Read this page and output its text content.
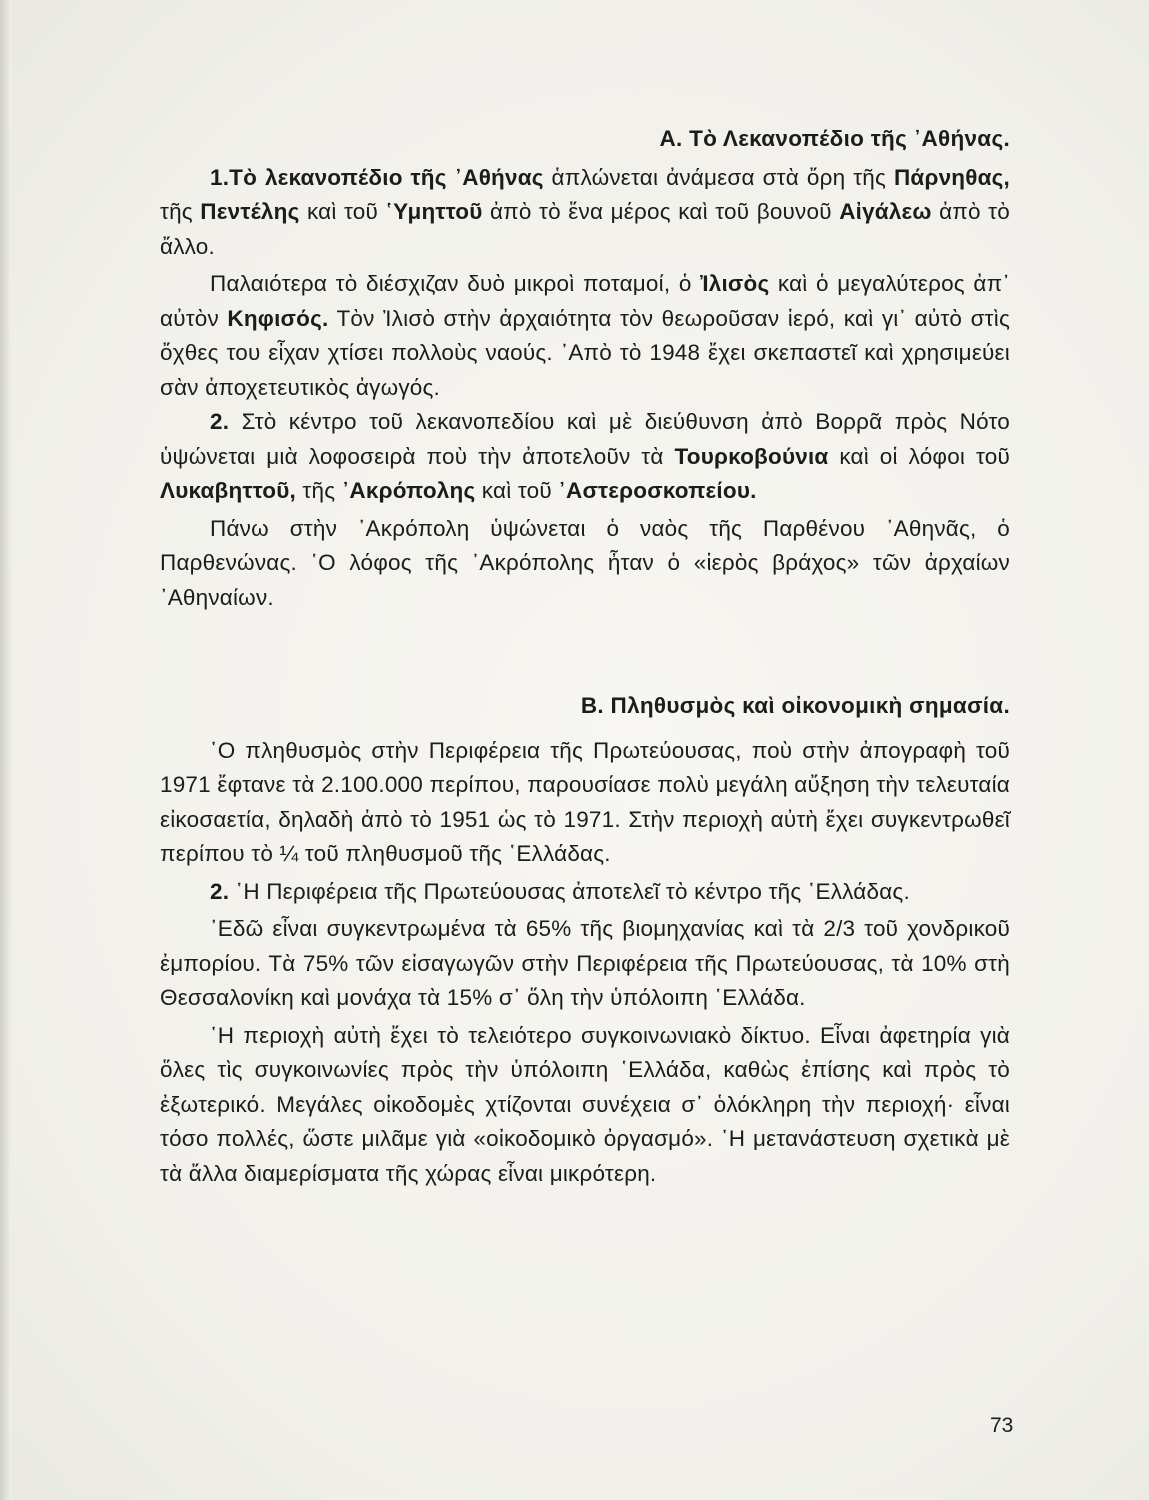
Α. Τὸ Λεκανοπέδιο τῆς ᾿Αθήνας.

1.Τὸ λεκανοπέδιο τῆς ᾿Αθήνας ἁπλώνεται ἀνάμεσα στὰ ὄρη τῆς Πάρνηθας, τῆς Πεντέλης καὶ τοῦ ῾Υμηττοῦ ἀπὸ τὸ ἕνα μέρος καὶ τοῦ βουνοῦ Αἰγάλεω ἀπὸ τὸ ἄλλο.

Παλαιότερα τὸ διέσχιζαν δυὸ μικροὶ ποταμοί, ὁ Ἰλισὸς καὶ ὁ μεγαλύτερος ἀπ᾿ αὐτὸν Κηφισός. Τὸν Ἰλισὸ στὴν ἀρχαιότητα τὸν θεωροῦσαν ἱερό, καὶ γι᾿ αὐτὸ στὶς ὄχθες του εἶχαν χτίσει πολλοὺς ναούς. ᾿Απὸ τὸ 1948 ἔχει σκεπαστεῖ καὶ χρησιμεύει σὰν ἀποχετευτικὸς ἀγωγός.

2. Στὸ κέντρο τοῦ λεκανοπεδίου καὶ μὲ διεύθυνση ἀπὸ Βορρᾶ πρὸς Νότο ὑψώνεται μιὰ λοφοσειρὰ ποὺ τὴν ἀποτελοῦν τὰ Τουρκοβούνια καὶ οἱ λόφοι τοῦ Λυκαβηττοῦ, τῆς ᾿Ακρόπολης καὶ τοῦ ᾿Αστεροσκοπείου.

Πάνω στὴν ᾿Ακρόπολη ὑψώνεται ὁ ναὸς τῆς Παρθένου ᾿Αθηνᾶς, ὁ Παρθενώνας. ῾Ο λόφος τῆς ᾿Ακρόπολης ἦταν ὁ «ἱερὸς βράχος» τῶν ἀρχαίων ᾿Αθηναίων.

Β. Πληθυσμὸς καὶ οἰκονομικὴ σημασία.

῾Ο πληθυσμὸς στὴν Περιφέρεια τῆς Πρωτεύουσας, ποὺ στὴν ἀπογραφὴ τοῦ 1971 ἔφτανε τὰ 2.100.000 περίπου, παρουσίασε πολὺ μεγάλη αὔξηση τὴν τελευταία εἰκοσαετία, δηλαδὴ ἀπὸ τὸ 1951 ὡς τὸ 1971. Στὴν περιοχὴ αὐτὴ ἔχει συγκεντρωθεῖ περίπου τὸ ¼ τοῦ πληθυσμοῦ τῆς ῾Ελλάδας.

2. ῾Η Περιφέρεια τῆς Πρωτεύουσας ἀποτελεῖ τὸ κέντρο τῆς ῾Ελλάδας.

᾿Εδῶ εἶναι συγκεντρωμένα τὰ 65% τῆς βιομηχανίας καὶ τὰ 2/3 τοῦ χονδρικοῦ ἐμπορίου. Τὰ 75% τῶν εἰσαγωγῶν στὴν Περιφέρεια τῆς Πρωτεύουσας, τὰ 10% στὴ Θεσσαλονίκη καὶ μονάχα τὰ 15% σ᾿ ὅλη τὴν ὑπόλοιπη ῾Ελλάδα.

῾Η περιοχὴ αὐτὴ ἔχει τὸ τελειότερο συγκοινωνιακὸ δίκτυο. Εἶναι ἀφετηρία γιὰ ὅλες τὶς συγκοινωνίες πρὸς τὴν ὑπόλοιπη ῾Ελλάδα, καθὼς ἐπίσης καὶ πρὸς τὸ ἐξωτερικό. Μεγάλες οἰκοδομὲς χτίζονται συνέχεια σ᾿ ὁλόκληρη τὴν περιοχή· εἶναι τόσο πολλές, ὥστε μιλᾶμε γιὰ «οἰκοδομικὸ ὀργασμό». ῾Η μετανάστευση σχετικὰ μὲ τὰ ἄλλα διαμερίσματα τῆς χώρας εἶναι μικρότερη.

73
